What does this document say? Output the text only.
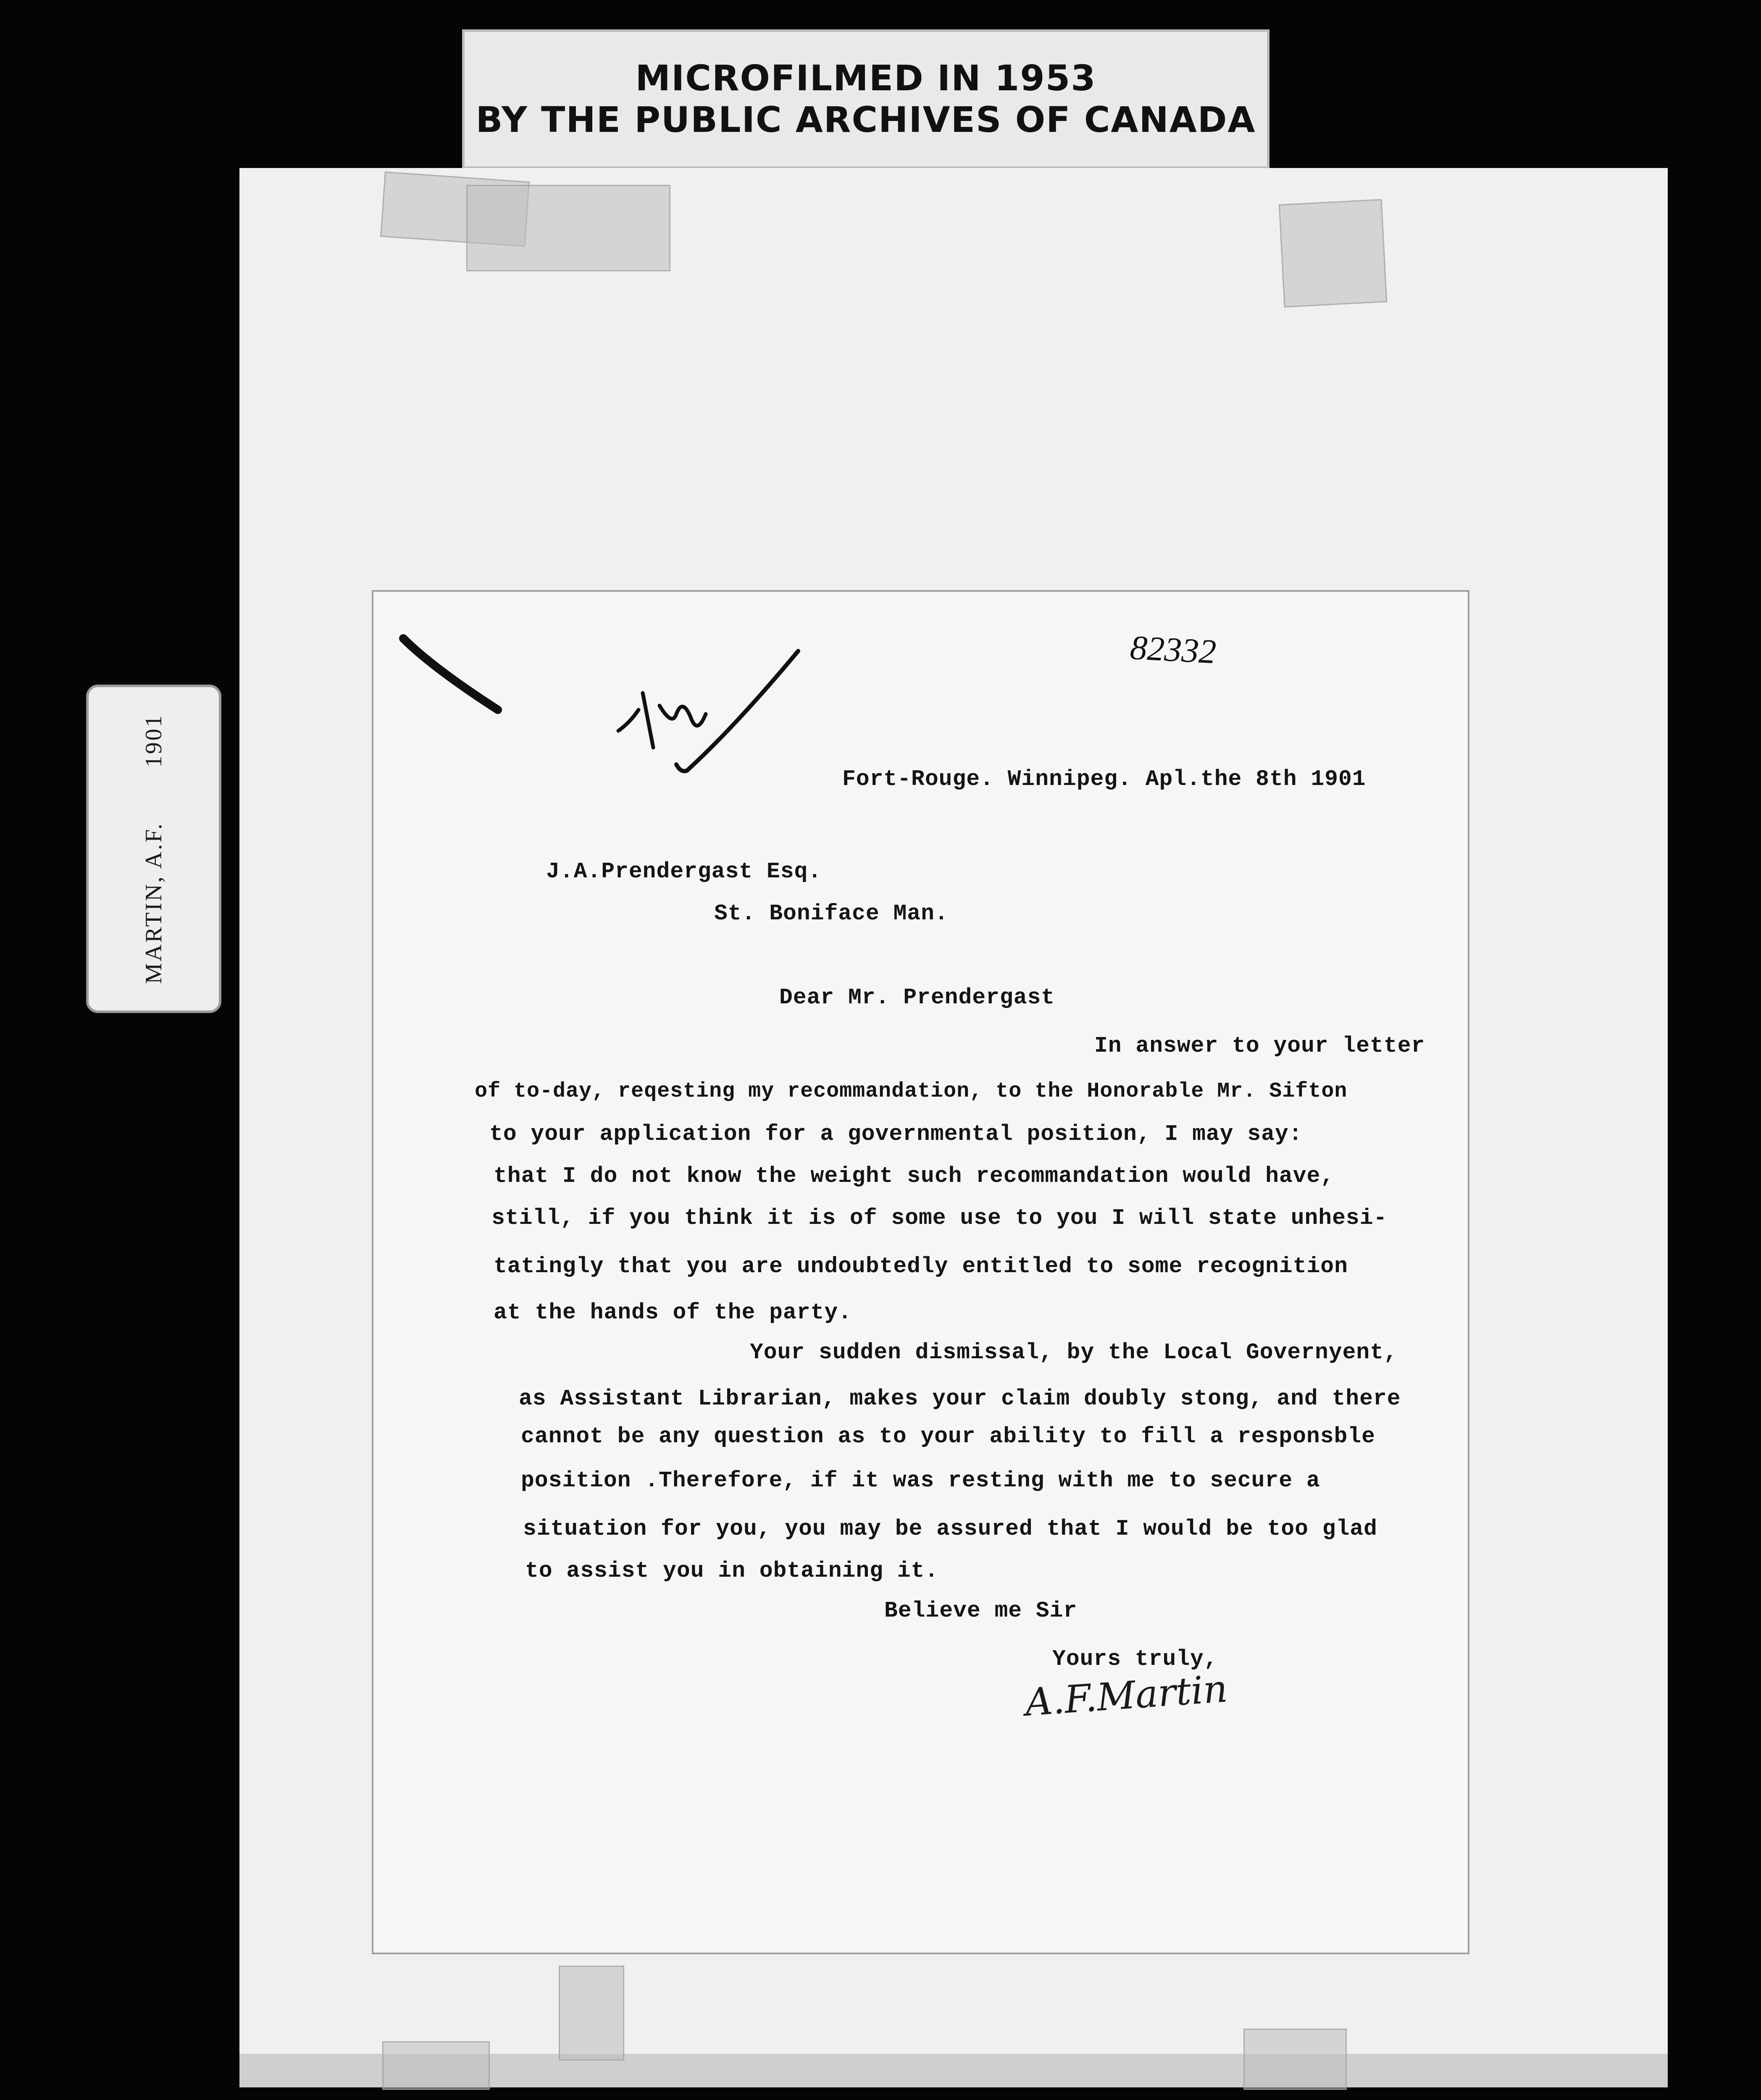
MICROFILMED IN 1953
BY THE PUBLIC ARCHIVES OF CANADA
MARTIN, A.F.1901
82332
Fort-Rouge. Winnipeg. Apl.the 8th 1901
J.A.Prendergast Esq.
St. Boniface Man.
Dear Mr. Prendergast
In answer to your letter
of to-day, reqesting my recommandation, to the Honorable Mr. Sifton
to your application for a governmental position, I may say:
that I do not know the weight such recommandation would have,
still, if you think it is of some use to you I will state unhesi-
tatingly that you are undoubtedly entitled to some recognition
at the hands of the party.
Your sudden dismissal, by the Local Governyent,
as Assistant Librarian, makes your claim doubly stong, and there
cannot be any question as to your ability to fill a responsble
position .Therefore, if it was resting with me to secure a
situation for you, you may be assured that I would be too glad
to assist you in obtaining it.
Believe me Sir
Yours truly,
A.F.Martin
